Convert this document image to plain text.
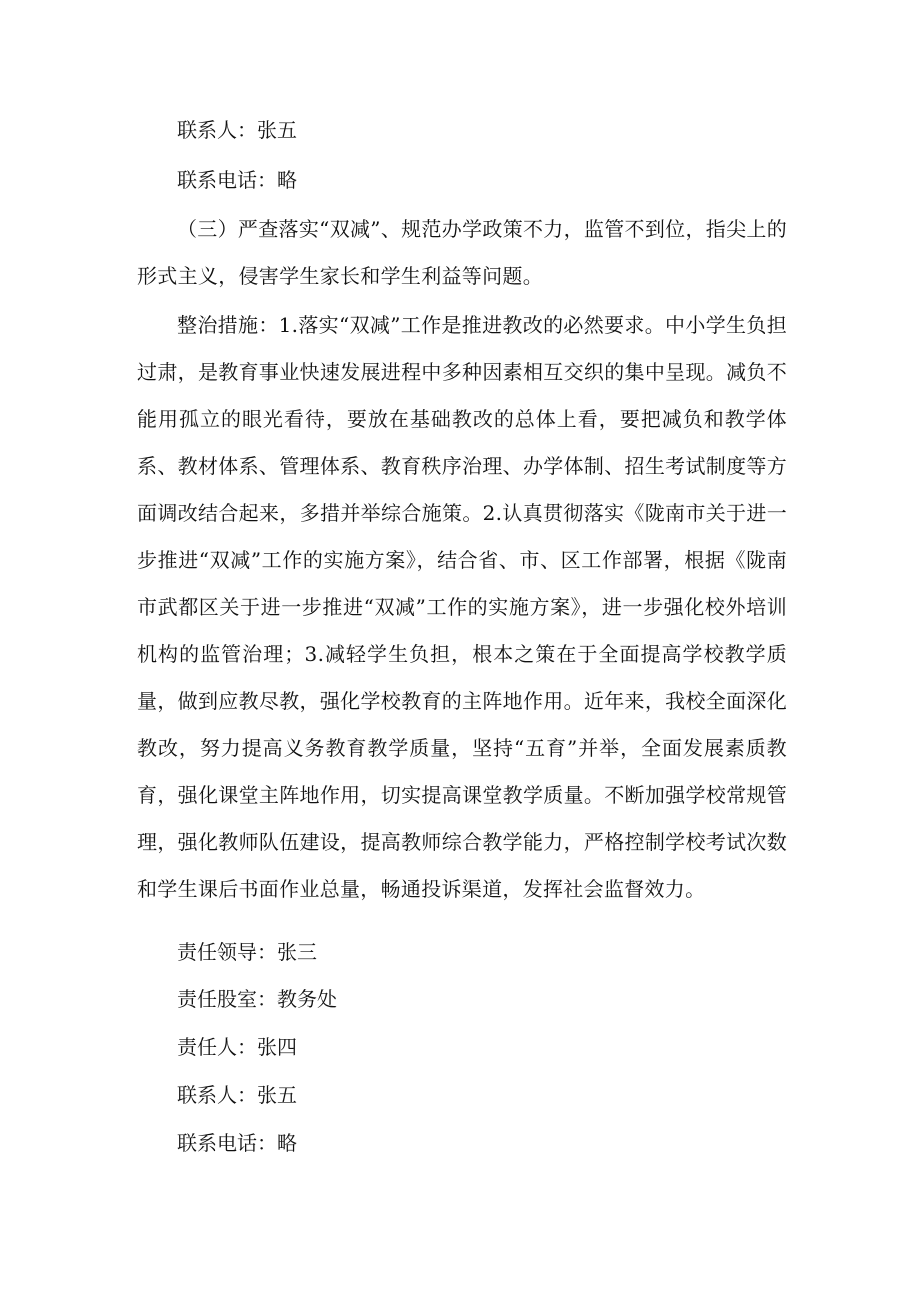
联系人：张五

联系电话：略

（三）严查落实“双减”、规范办学政策不力，监管不到位，指尖上的形式主义，侵害学生家长和学生利益等问题。

整治措施：1.落实“双减”工作是推进教改的必然要求。中小学生负担过肃，是教育事业快速发展进程中多种因素相互交织的集中呈现。减负不能用孤立的眼光看待，要放在基础教改的总体上看，要把减负和教学体系、教材体系、管理体系、教育秩序治理、办学体制、招生考试制度等方面调改结合起来，多措并举综合施策。2.认真贯彻落实《陇南市关于进一步推进“双减”工作的实施方案》，结合省、市、区工作部署，根据《陇南市武都区关于进一步推进“双减”工作的实施方案》，进一步强化校外培训机构的监管治理；3.减轻学生负担，根本之策在于全面提高学校教学质量，做到应教尽教，强化学校教育的主阵地作用。近年来，我校全面深化教改，努力提高义务教育教学质量，坚持“五育”并举，全面发展素质教育，强化课堂主阵地作用，切实提高课堂教学质量。不断加强学校常规管理，强化教师队伍建设，提高教师综合教学能力，严格控制学校考试次数和学生课后书面作业总量，畅通投诉渠道，发挥社会监督效力。

责任领导：张三

责任股室：教务处

责任人：张四

联系人：张五

联系电话：略
